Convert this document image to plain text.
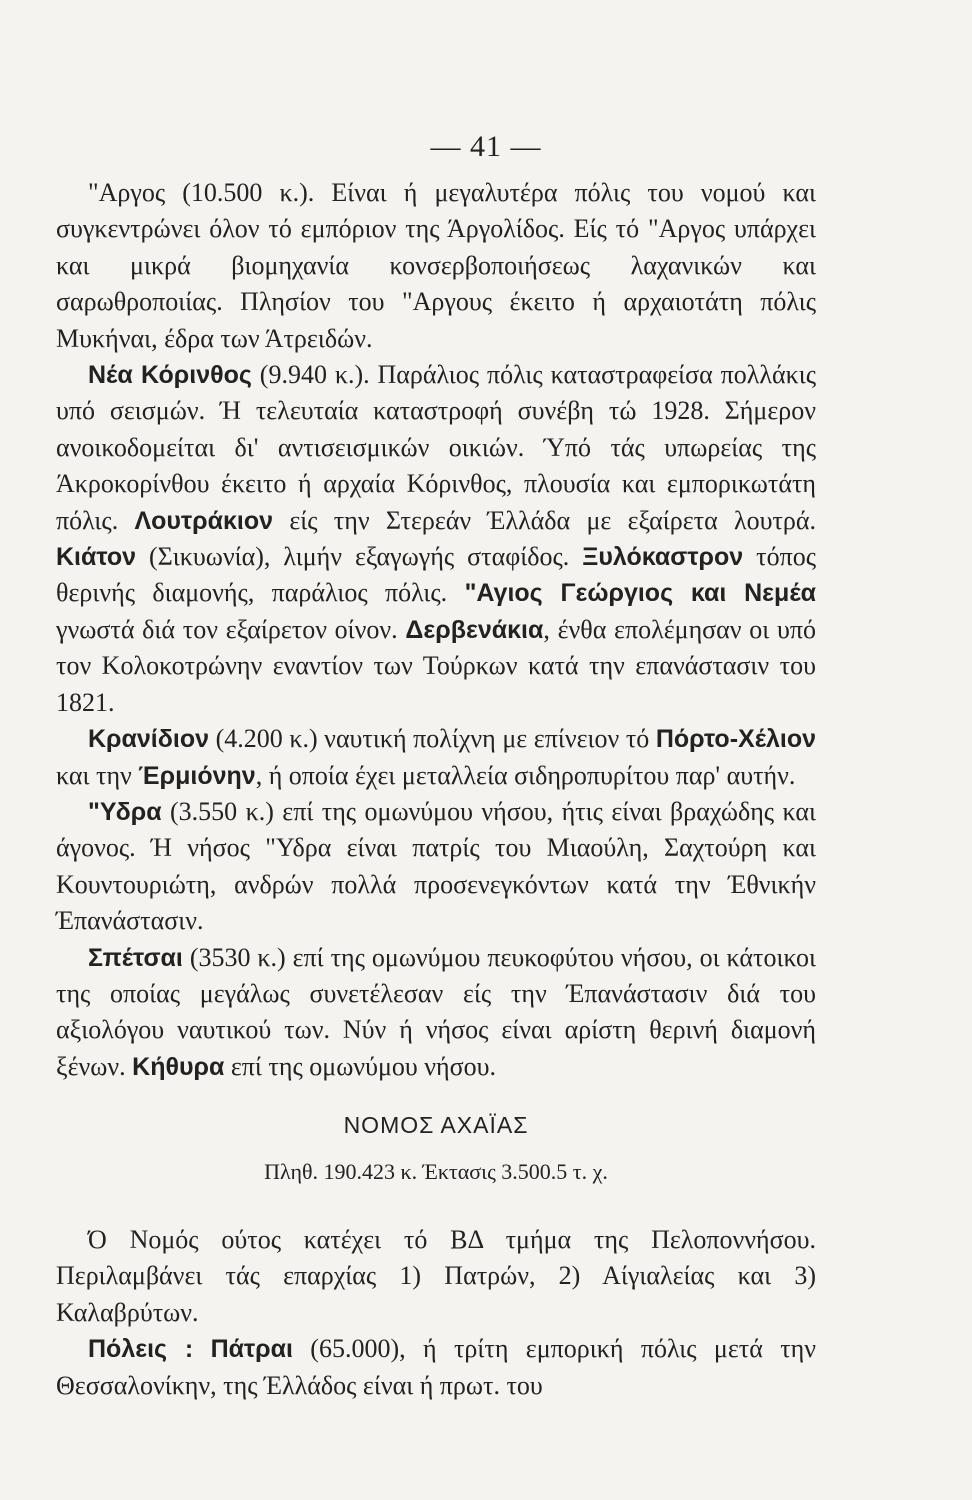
— 41 —

"Αργος (10.500 κ.). Είναι ή μεγαλυτέρα πόλις του νομού και συγκεντρώνει όλον τό εμπόριον της Άργολίδος. Είς τό "Αργος υπάρχει και μικρά βιομηχανία κονσερβοποιήσεως λαχανικών και σαρωθροποιίας. Πλησίον του "Αργους έκειτο ή αρχαιοτάτη πόλις Μυκήναι, έδρα των Άτρειδών.

Νέα Κόρινθος (9.940 κ.). Παράλιος πόλις καταστραφείσα πολλάκις υπό σεισμών. Ή τελευταία καταστροφή συνέβη τώ 1928. Σήμερον ανοικοδομείται δι' αντισεισμικών οικιών. Ύπό τάς υπωρείας της Άκροκορίνθου έκειτο ή αρχαία Κόρινθος, πλουσία και εμπορικωτάτη πόλις. Λουτράκιον είς την Στερεάν Έλλάδα με εξαίρετα λουτρά. Κιάτον (Σικυωνία), λιμήν εξαγωγής σταφίδος. Ξυλόκαστρον τόπος θερινής διαμονής, παράλιος πόλις. "Αγιος Γεώργιος και Νεμέα γνωστά διά τον εξαίρετον οίνον. Δερβενάκια, ένθα επολέμησαν οι υπό τον Κολοκοτρώνην εναντίον των Τούρκων κατά την επανάστασιν του 1821.

Κρανίδιον (4.200 κ.) ναυτική πολίχνη με επίνειον τό Πόρτο-Χέλιον και την Έρμιόνην, ή οποία έχει μεταλλεία σιδηροπυρίτου παρ' αυτήν.

"Υδρα (3.550 κ.) επί της ομωνύμου νήσου, ήτις είναι βραχώδης και άγονος. Ή νήσος "Υδρα είναι πατρίς του Μιαούλη, Σαχτούρη και Κουντουριώτη, ανδρών πολλά προσενεγκόντων κατά την Έθνικήν Έπανάστασιν.

Σπέτσαι (3530 κ.) επί της ομωνύμου πευκοφύτου νήσου, οι κάτοικοι της οποίας μεγάλως συνετέλεσαν είς την Έπανάστασιν διά του αξιολόγου ναυτικού των. Νύν ή νήσος είναι αρίστη θερινή διαμονή ξένων. Κήθυρα επί της ομωνύμου νήσου.

ΝΟΜΟΣ ΑΧΑΪΑΣ
Πληθ. 190.423 κ. Έκτασις 3.500.5 τ. χ.

Ό Νομός ούτος κατέχει τό ΒΔ τμήμα της Πελοποννήσου. Περιλαμβάνει τάς επαρχίας 1) Πατρών, 2) Αίγιαλείας και 3) Καλαβρύτων.

Πόλεις : Πάτραι (65.000), ή τρίτη εμπορική πόλις μετά την Θεσσαλονίκην, της Έλλάδος είναι ή πρωτ. του
